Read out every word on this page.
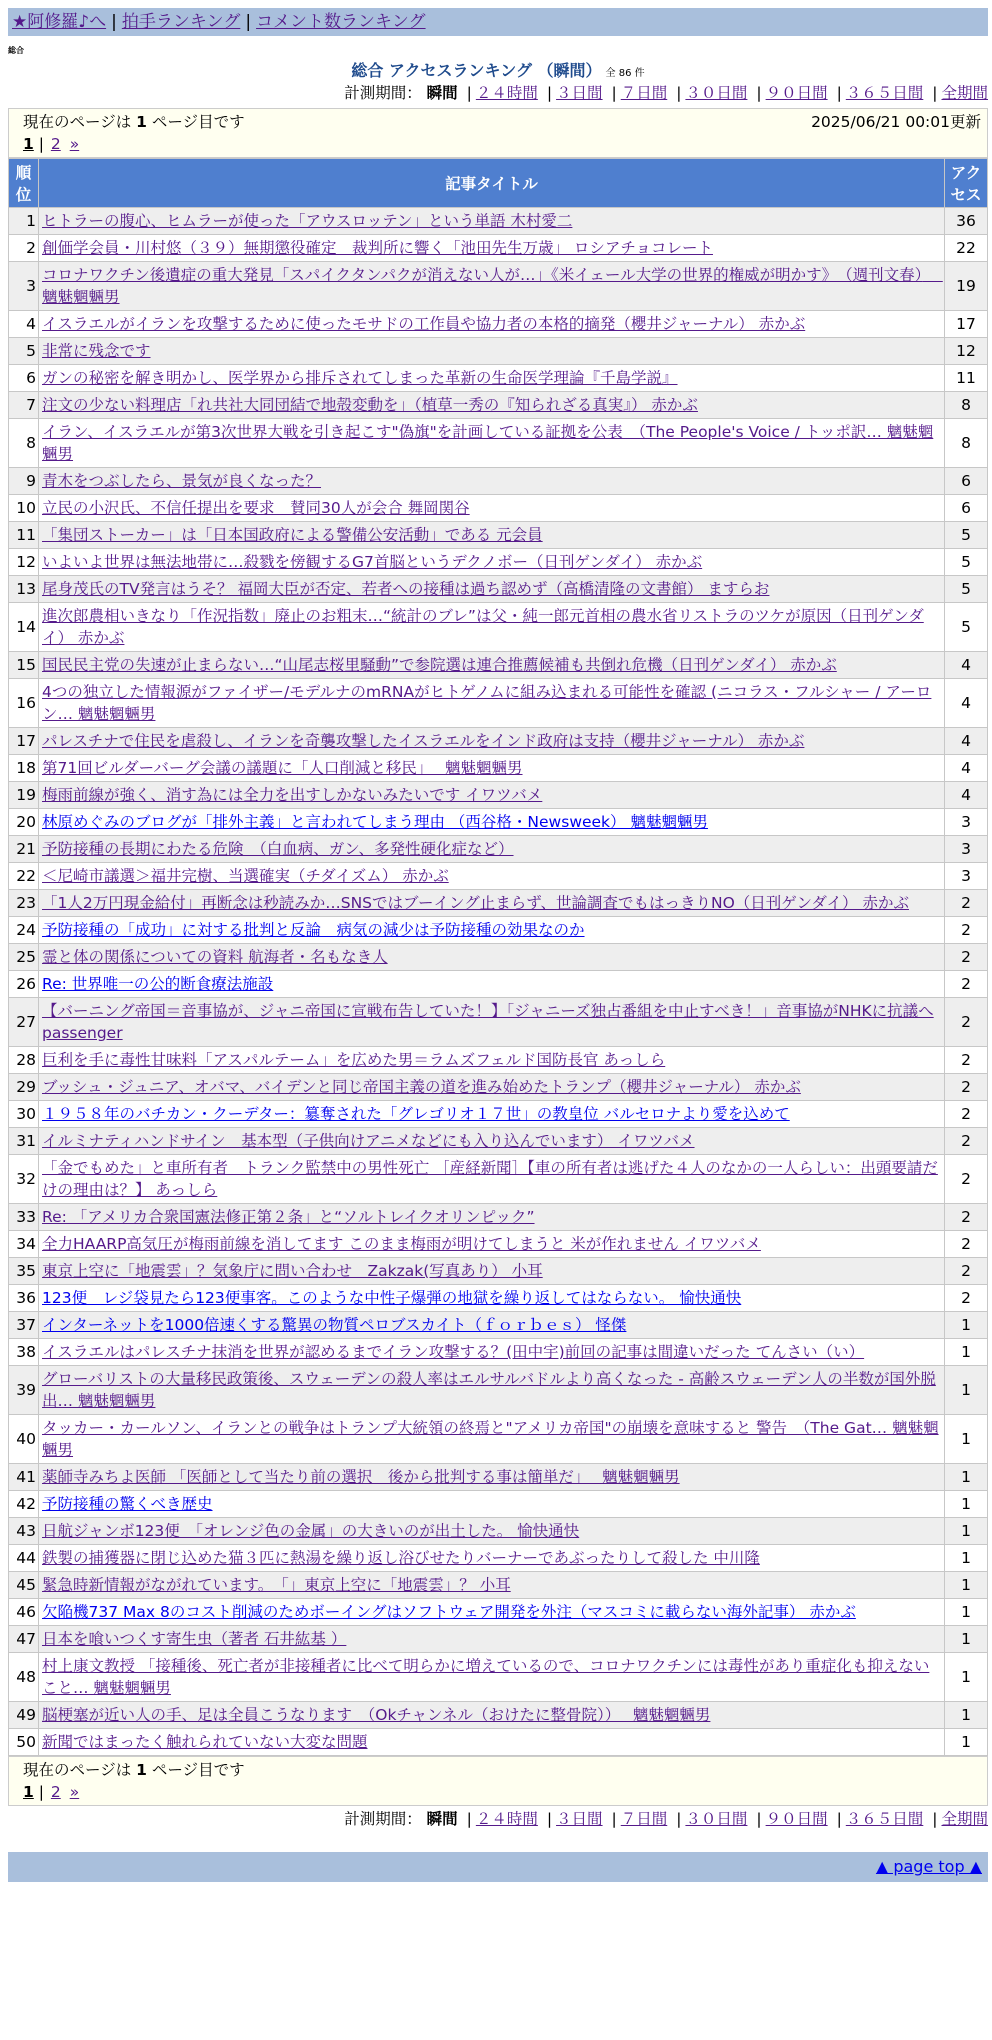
★阿修羅♪へ | 拍手ランキング | コメント数ランキング
総合
総合 アクセスランキング （瞬間） 全 86 件
計測期間： 瞬間 | ２４時間 | ３日間 | ７日間 | ３０日間 | ９０日間 | ３６５日間 | 全期間
現在のページは 1 ページ目です	2025/06/21 00:01更新
1 | 2 »
順位	記事タイトル	アクセス
1	ヒトラーの腹心、ヒムラーが使った「アウスロッテン」という単語 木村愛二	36
2	創価学会員・川村悠（３９）無期懲役確定　裁判所に響く「池田先生万歳」 ロシアチョコレート	22
3	コロナワクチン後遺症の重大発見「スパイクタンパクが消えない人が…」《米イェール大学の世界的権威が明かす》　（週刊文春）　 魑魅魍魎男	19
4	イスラエルがイランを攻撃するために使ったモサドの工作員や協力者の本格的摘発（櫻井ジャーナル） 赤かぶ	17
5	非常に残念です	12
6	ガンの秘密を解き明かし、医学界から排斥されてしまった革新の生命医学理論『千島学説』	11
7	注文の少ない料理店「れ共社大同団結で地殻変動を」（植草一秀の『知られざる真実』） 赤かぶ	8
8	イラン、イスラエルが第3次世界大戦を引き起こす"偽旗"を計画している証拠を公表　（The People's Voice / トッポ訳… 魑魅魍魎男	8
9	青木をつぶしたら、景気が良くなった？	6
10	立民の小沢氏、不信任提出を要求　賛同30人が会合 舞岡関谷	6
11	「集団ストーカー」は「日本国政府による警備公安活動」である 元会員	5
12	いよいよ世界は無法地帯に…殺戮を傍観するG7首脳というデクノボー（日刊ゲンダイ） 赤かぶ	5
13	尾身茂氏のTV発言はうそ？ 福岡大臣が否定、若者への接種は過ち認めず（高橋清隆の文書館） ますらお	5
14	進次郎農相いきなり「作況指数」廃止のお粗末…“統計のブレ”は父・純一郎元首相の農水省リストラのツケが原因（日刊ゲンダイ） 赤かぶ	5
15	国民民主党の失速が止まらない…“山尾志桜里騒動”で参院選は連合推薦候補も共倒れ危機（日刊ゲンダイ） 赤かぶ	4
16	4つの独立した情報源がファイザー/モデルナのmRNAがヒトゲノムに組み込まれる可能性を確認 (ニコラス・フルシャー / アーロン… 魑魅魍魎男	4
17	パレスチナで住民を虐殺し、イランを奇襲攻撃したイスラエルをインド政府は支持（櫻井ジャーナル） 赤かぶ	4
18	第71回ビルダーバーグ会議の議題に「人口削減と移民」　 魑魅魍魎男	4
19	梅雨前線が強く、消す為には全力を出すしかないみたいです イワツバメ	4
20	林原めぐみのブログが「排外主義」と言われてしまう理由 （西谷格・Newsweek） 魑魅魍魎男	3
21	予防接種の長期にわたる危険　（白血病、ガン、多発性硬化症など）	3
22	＜尼崎市議選＞福井完樹、当選確実（チダイズム） 赤かぶ	3
23	「1人2万円現金給付」再断念は秒読みか…SNSではブーイング止まらず、世論調査でもはっきりNO（日刊ゲンダイ） 赤かぶ	2
24	予防接種の「成功」に対する批判と反論　病気の減少は予防接種の効果なのか	2
25	霊と体の関係についての資料 航海者・名もなき人	2
26	Re: 世界唯一の公的断食療法施設	2
27	【バーニング帝国＝音事協が、ジャニ帝国に宣戦布告していた！】「ジャニーズ独占番組を中止すべき！」音事協がNHKに抗議へ passenger	2
28	巨利を手に毒性甘味料「アスパルテーム」を広めた男＝ラムズフェルド国防長官 あっしら	2
29	ブッシュ・ジュニア、オバマ、バイデンと同じ帝国主義の道を進み始めたトランプ（櫻井ジャーナル） 赤かぶ	2
30	１９５８年のバチカン・クーデター：簒奪された「グレゴリオ１７世」の教皇位 バルセロナより愛を込めて	2
31	イルミナティハンドサイン　基本型（子供向けアニメなどにも入り込んでいます） イワツバメ	2
32	「金でもめた」と車所有者　トランク監禁中の男性死亡 ［産経新聞］【車の所有者は逃げた４人のなかの一人らしい：出頭要請だけの理由は？】 あっしら	2
33	Re: 「アメリカ合衆国憲法修正第２条」と“ソルトレイクオリンピック”	2
34	全力HAARP高気圧が梅雨前線を消してます このまま梅雨が明けてしまうと 米が作れません イワツバメ	2
35	東京上空に「地震雲」？気象庁に問い合わせ　Zakzak(写真あり） 小耳	2
36	123便　レジ袋見たら123便事客。このような中性子爆弾の地獄を繰り返してはならない。 愉快通快	2
37	インターネットを1000倍速くする驚異の物質ペロブスカイト（ｆｏｒｂｅｓ） 怪傑	1
38	イスラエルはパレスチナ抹消を世界が認めるまでイラン攻撃する？(田中宇)前回の記事は間違いだった てんさい（い）	1
39	グローバリストの大量移民政策後、スウェーデンの殺人率はエルサルバドルより高くなった - 高齢スウェーデン人の半数が国外脱出… 魑魅魍魎男	1
40	タッカー・カールソン、イランとの戦争はトランプ大統領の終焉と"アメリカ帝国"の崩壊を意味すると 警告　（The Gat… 魑魅魍魎男	1
41	薬師寺みちよ医師 「医師として当たり前の選択　後から批判する事は簡単だ」　 魑魅魍魎男	1
42	予防接種の驚くべき歴史	1
43	日航ジャンボ123便　「オレンジ色の金属」の大きいのが出土した。 愉快通快	1
44	鉄製の捕獲器に閉じ込めた猫３匹に熱湯を繰り返し浴びせたりバーナーであぶったりして殺した 中川隆	1
45	緊急時新情報がながれています。　「」東京上空に「地震雲」？ 小耳	1
46	欠陥機737 Max 8のコスト削減のためボーイングはソフトウェア開発を外注（マスコミに載らない海外記事） 赤かぶ	1
47	日本を喰いつくす寄生虫（著者 石井紘基 ）	1
48	村上康文教授 「接種後、死亡者が非接種者に比べて明らかに増えているので、コロナワクチンには毒性があり重症化も抑えないこと… 魑魅魍魎男	1
49	脳梗塞が近い人の手、足は全員こうなります　（Okチャンネル（おけたに整骨院））　 魑魅魍魎男	1
50	新聞ではまったく触れられていない大変な問題	1
現在のページは 1 ページ目です
1 | 2 »
計測期間： 瞬間 | ２４時間 | ３日間 | ７日間 | ３０日間 | ９０日間 | ３６５日間 | 全期間
▲ page top ▲
